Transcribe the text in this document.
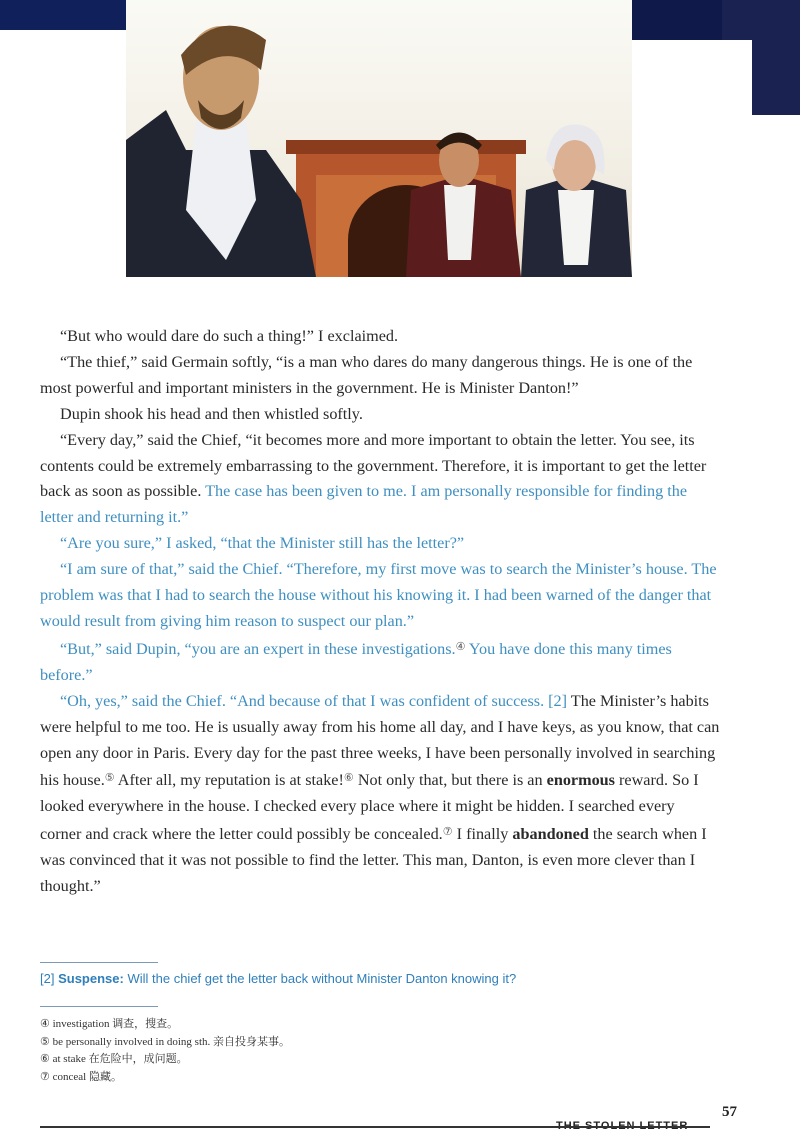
“But who would dare do such a thing!” I exclaimed.

“The thief,” said Germain softly, “is a man who dares do many dangerous things. He is one of the most powerful and important ministers in the government. He is Minister Danton!”

Dupin shook his head and then whistled softly.

“Every day,” said the Chief, “it becomes more and more important to obtain the letter. You see, its contents could be extremely embarrassing to the government. Therefore, it is important to get the letter back as soon as possible. The case has been given to me. I am personally responsible for finding the letter and returning it.”

“Are you sure,” I asked, “that the Minister still has the letter?”

“I am sure of that,” said the Chief. “Therefore, my first move was to search the Minister’s house. The problem was that I had to search the house without his knowing it. I had been warned of the danger that would result from giving him reason to suspect our plan.”

“But,” said Dupin, “you are an expert in these investigations.④ You have done this many times before.”

“Oh, yes,” said the Chief. “And because of that I was confident of success. [2] The Minister’s habits were helpful to me too. He is usually away from his home all day, and I have keys, as you know, that can open any door in Paris. Every day for the past three weeks, I have been personally involved in searching his house.⑤ After all, my reputation is at stake!⑥ Not only that, but there is an enormous reward. So I looked everywhere in the house. I checked every place where it might be hidden. I searched every corner and crack where the letter could possibly be concealed.⑦ I finally abandoned the search when I was convinced that it was not possible to find the letter. This man, Danton, is even more clever than I thought.”

[2] Suspense: Will the chief get the letter back without Minister Danton knowing it?
④ investigation 调查，搜查。
⑤ be personally involved in doing sth. 亲自投身某事。
⑥ at stake 在危险中，成问题。
⑦ conceal 隐藏。
57
